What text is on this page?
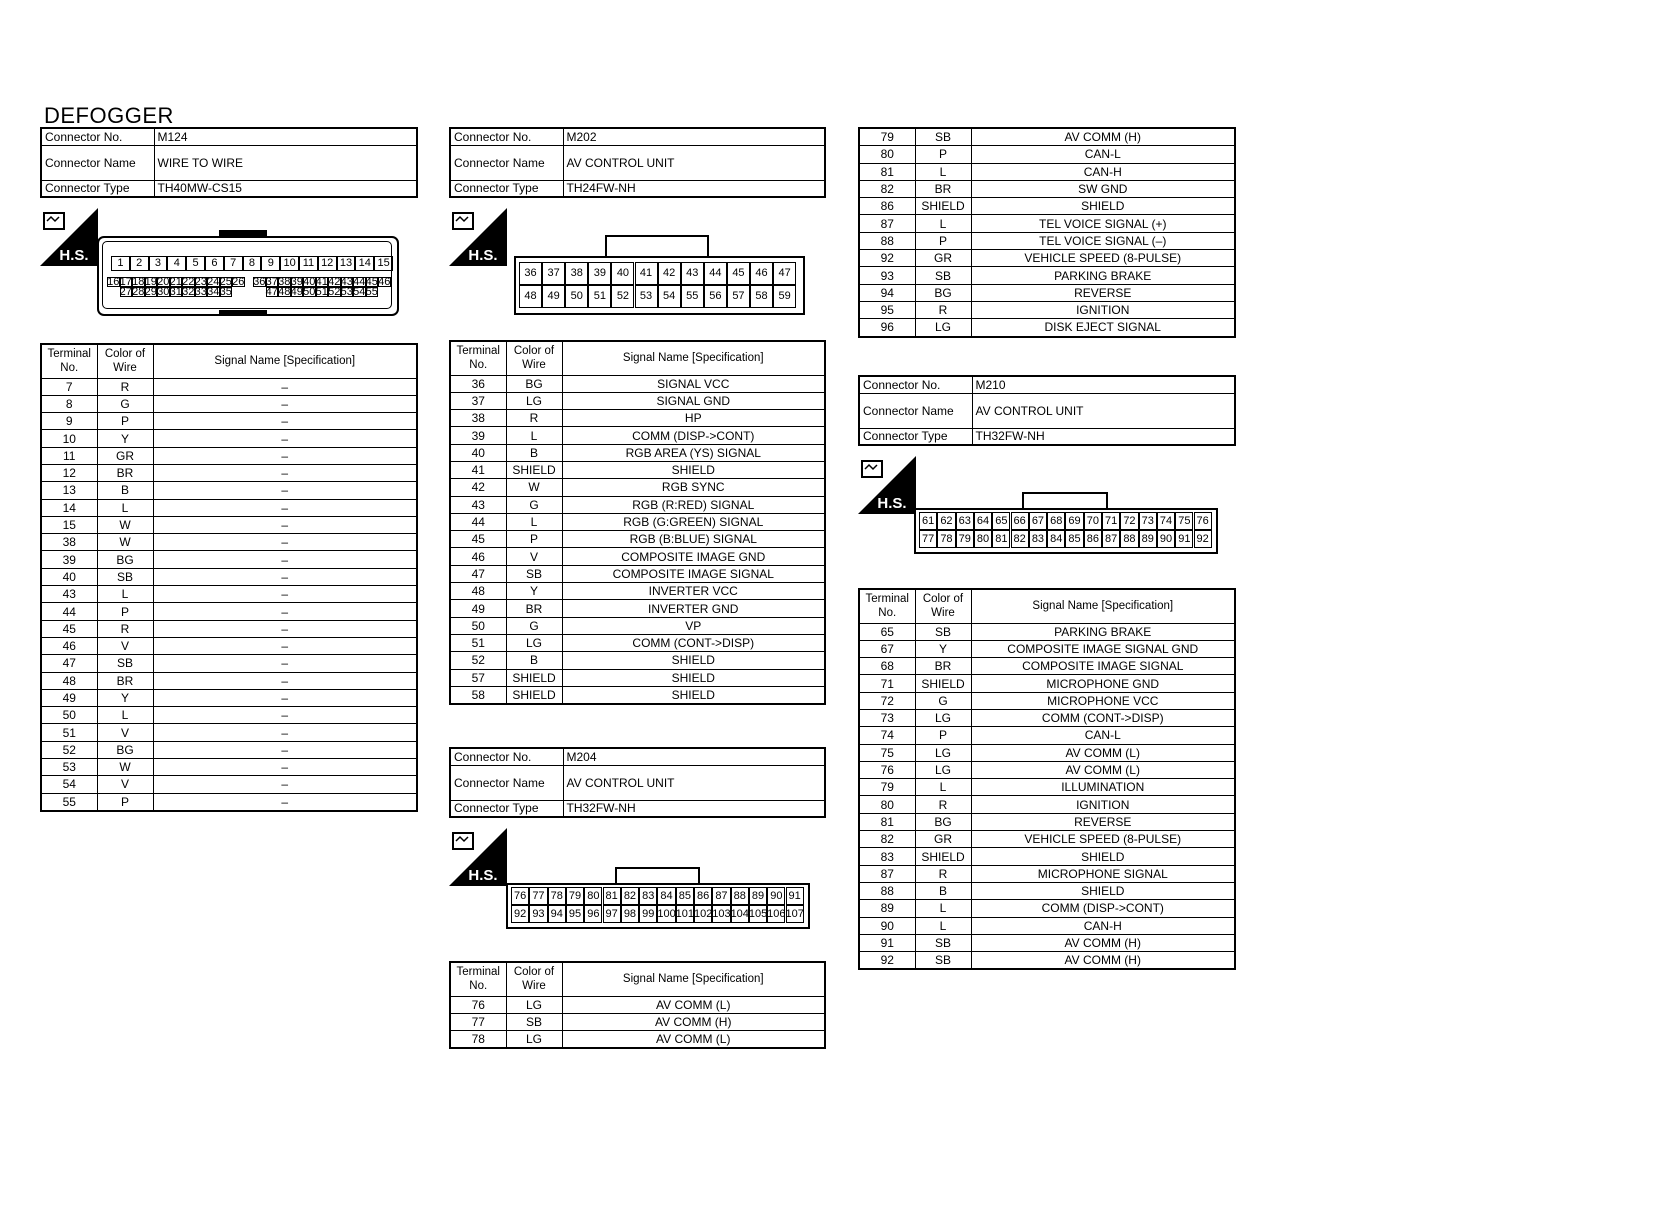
DEFOGGER
Connector No.	M124
Connector Name	WIRE TO WIRE
Connector Type	TH40MW-CS15
H.S.	1	2	3	4	5	6	7	8	9 10 11 12 13 14 15
16 17 18 19 20 21 22 23 24 25 26 36 37 38 39 40 41 42 43 44 45 46
27 28 29 30 31 32 33 34 35	47 48 49 50 51 52 53 54 55
Terminal No.	Color of Wire	Signal Name [Specification]
7	R	–
8	G	–
9	P	–
10	Y	–
11	GR	–
12	BR	–
13	B	–
14	L	–
15	W	–
38	W	–
39	BG	–
40	SB	–
43	L	–
44	P	–
45	R	–
46	V	–
47	SB	–
48	BR	–
49	Y	–
50	L	–
51	V	–
52	BG	–
53	W	–
54	V	–
55	P	–
Connector No.	M202
Connector Name	AV CONTROL UNIT
Connector Type	TH24FW-NH
H.S.
36 37 38 39 40 41 42 43 44 45 46 47
48 49 50 51 52 53 54 55 56 57 58 59
Terminal No.	Color of Wire	Signal Name [Specification]
36	BG	SIGNAL VCC
37	LG	SIGNAL GND
38	R	HP
39	L	COMM (DISP->CONT)
40	B	RGB AREA (YS) SIGNAL
41	SHIELD	SHIELD
42	W	RGB SYNC
43	G	RGB (R:RED) SIGNAL
44	L	RGB (G:GREEN) SIGNAL
45	P	RGB (B:BLUE) SIGNAL
46	V	COMPOSITE IMAGE GND
47	SB	COMPOSITE IMAGE SIGNAL
48	Y	INVERTER VCC
49	BR	INVERTER GND
50	G	VP
51	LG	COMM (CONT->DISP)
52	B	SHIELD
57	SHIELD	SHIELD
58	SHIELD	SHIELD
Connector No.	M204
Connector Name	AV CONTROL UNIT
Connector Type	TH32FW-NH
H.S.
76 77 78 79 80 81 82 83 84 85 86 87 88 89 90 91
92 93 94 95 96 97 98 99 100 101 102 103 104 105 106 107
Terminal No.	Color of Wire	Signal Name [Specification]
76	LG	AV COMM (L)
77	SB	AV COMM (H)
78	LG	AV COMM (L)
79	SB	AV COMM (H)
80	P	CAN-L
81	L	CAN-H
82	BR	SW GND
86	SHIELD	SHIELD
87	L	TEL VOICE SIGNAL (+)
88	P	TEL VOICE SIGNAL (–)
92	GR	VEHICLE SPEED (8-PULSE)
93	SB	PARKING BRAKE
94	BG	REVERSE
95	R	IGNITION
96	LG	DISK EJECT SIGNAL
Connector No.	M210
Connector Name	AV CONTROL UNIT
Connector Type	TH32FW-NH
H.S.
61 62 63 64 65 66 67 68 69 70 71 72 73 74 75 76
77 78 79 80 81 82 83 84 85 86 87 88 89 90 91 92
Terminal No.	Color of Wire	Signal Name [Specification]
65	SB	PARKING BRAKE
67	Y	COMPOSITE IMAGE SIGNAL GND
68	BR	COMPOSITE IMAGE SIGNAL
71	SHIELD	MICROPHONE GND
72	G	MICROPHONE VCC
73	LG	COMM (CONT->DISP)
74	P	CAN-L
75	LG	AV COMM (L)
76	LG	AV COMM (L)
79	L	ILLUMINATION
80	R	IGNITION
81	BG	REVERSE
82	GR	VEHICLE SPEED (8-PULSE)
83	SHIELD	SHIELD
87	R	MICROPHONE SIGNAL
88	B	SHIELD
89	L	COMM (DISP->CONT)
90	L	CAN-H
91	SB	AV COMM (H)
92	SB	AV COMM (H)
